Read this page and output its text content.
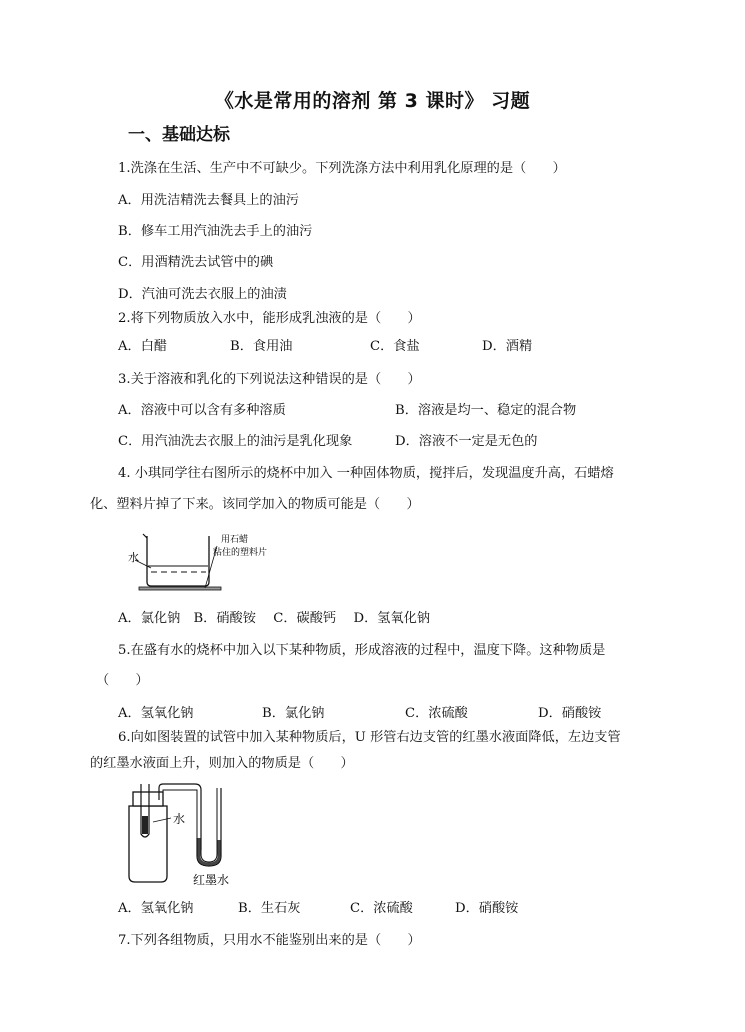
《水是常用的溶剂 第 3 课时》 习题
一、基础达标
1.洗涤在生活、生产中不可缺少。下列洗涤方法中利用乳化原理的是（　　）
A．用洗洁精洗去餐具上的油污
B．修车工用汽油洗去手上的油污
C．用酒精洗去试管中的碘
D．汽油可洗去衣服上的油渍
2.将下列物质放入水中，能形成乳浊液的是（　　）
A．白醋	B．食用油	C．食盐	D．酒精
3.关于溶液和乳化的下列说法这种错误的是（　　）
A．溶液中可以含有多种溶质	B．溶液是均一、稳定的混合物
C．用汽油洗去衣服上的油污是乳化现象	D．溶液不一定是无色的
4. 小琪同学往右图所示的烧杯中加入 一种固体物质，搅拌后，发现温度升高，石蜡熔
化、塑料片掉了下来。该同学加入的物质可能是（　　）
水
用石蜡
粘住的塑料片
A．氯化钠　B．硝酸铵　 C．碳酸钙　 D．氢氧化钠
5.在盛有水的烧杯中加入以下某种物质，形成溶液的过程中，温度下降。这种物质是
（　　）
A．氢氧化钠	B．氯化钠	C．浓硫酸	D．硝酸铵
6.向如图装置的试管中加入某种物质后，U 形管右边支管的红墨水液面降低，左边支管
的红墨水液面上升，则加入的物质是（　　）
水
红墨水
A．氢氧化钠	B．生石灰	C．浓硫酸	D．硝酸铵
7.下列各组物质，只用水不能鉴别出来的是（　　）
